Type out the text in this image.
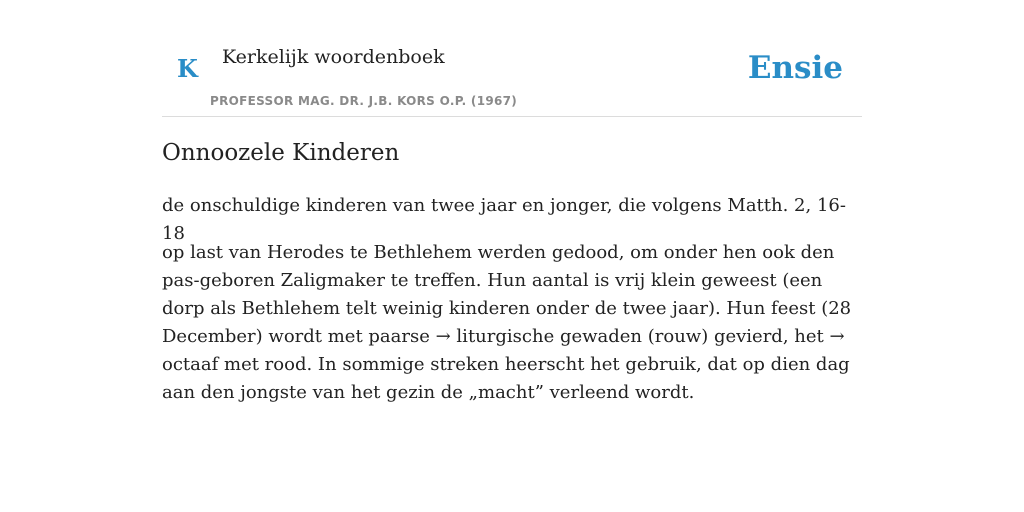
K Kerkelijk woordenboek
PROFESSOR MAG. DR. J.B. KORS O.P. (1967)
Ensie
Onnoozele Kinderen

de onschuldige kinderen van twee jaar en jonger, die volgens Matth. 2, 16-18

op last van Herodes te Bethlehem werden gedood, om onder hen ook den pas-geboren Zaligmaker te treffen. Hun aantal is vrij klein geweest (een dorp als Bethlehem telt weinig kinderen onder de twee jaar). Hun feest (28 December) wordt met paarse → liturgische gewaden (rouw) gevierd, het → octaaf met rood. In sommige streken heerscht het gebruik, dat op dien dag aan den jongste van het gezin de „macht” verleend wordt.
